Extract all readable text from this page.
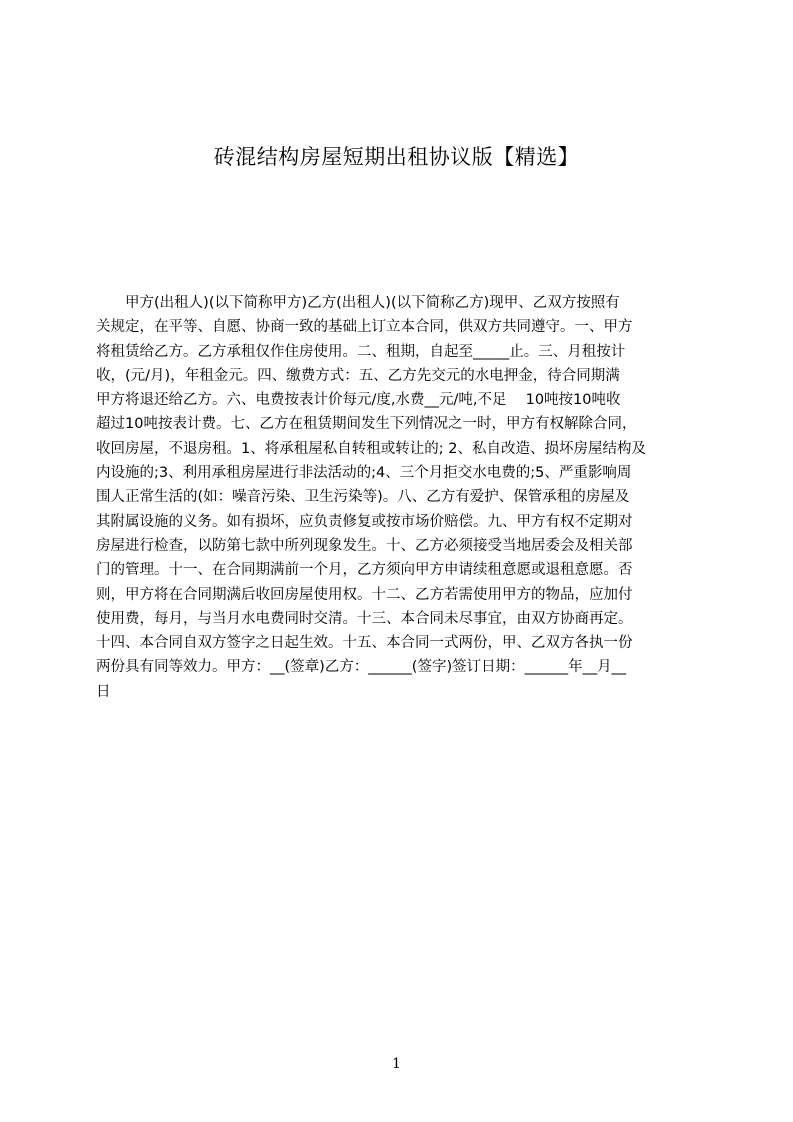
砖混结构房屋短期出租协议版【精选】
　　甲方(出租人)(以下简称甲方)乙方(出租人)(以下简称乙方)现甲、乙双方按照有
关规定，在平等、自愿、协商一致的基础上订立本合同，供双方共同遵守。一、甲方
将租赁给乙方。乙方承租仅作住房使用。二、租期，自起至_____止。三、月租按计
收，(元/月)，年租金元。四、缴费方式：五、乙方先交元的水电押金，待合同期满
甲方将退还给乙方。六、电费按表计价每元/度,水费__元/吨,不足　 10吨按10吨收
超过10吨按表计费。七、乙方在租赁期间发生下列情况之一时，甲方有权解除合同，
收回房屋，不退房租。1、将承租屋私自转租或转让的; 2、私自改造、损坏房屋结构及
内设施的;3、利用承租房屋进行非法活动的;4、三个月拒交水电费的;5、严重影响周
围人正常生活的(如：噪音污染、卫生污染等)。八、乙方有爱护、保管承租的房屋及
其附属设施的义务。如有损坏，应负责修复或按市场价赔偿。九、甲方有权不定期对
房屋进行检查，以防第七款中所列现象发生。十、乙方必须接受当地居委会及相关部
门的管理。十一、在合同期满前一个月，乙方须向甲方申请续租意愿或退租意愿。否
则，甲方将在合同期满后收回房屋使用权。十二、乙方若需使用甲方的物品，应加付
使用费，每月，与当月水电费同时交清。十三、本合同未尽事宜，由双方协商再定。
十四、本合同自双方签字之日起生效。十五、本合同一式两份，甲、乙双方各执一份
两份具有同等效力。甲方：__(签章)乙方：______(签字)签订日期：______年__月__
日
1
